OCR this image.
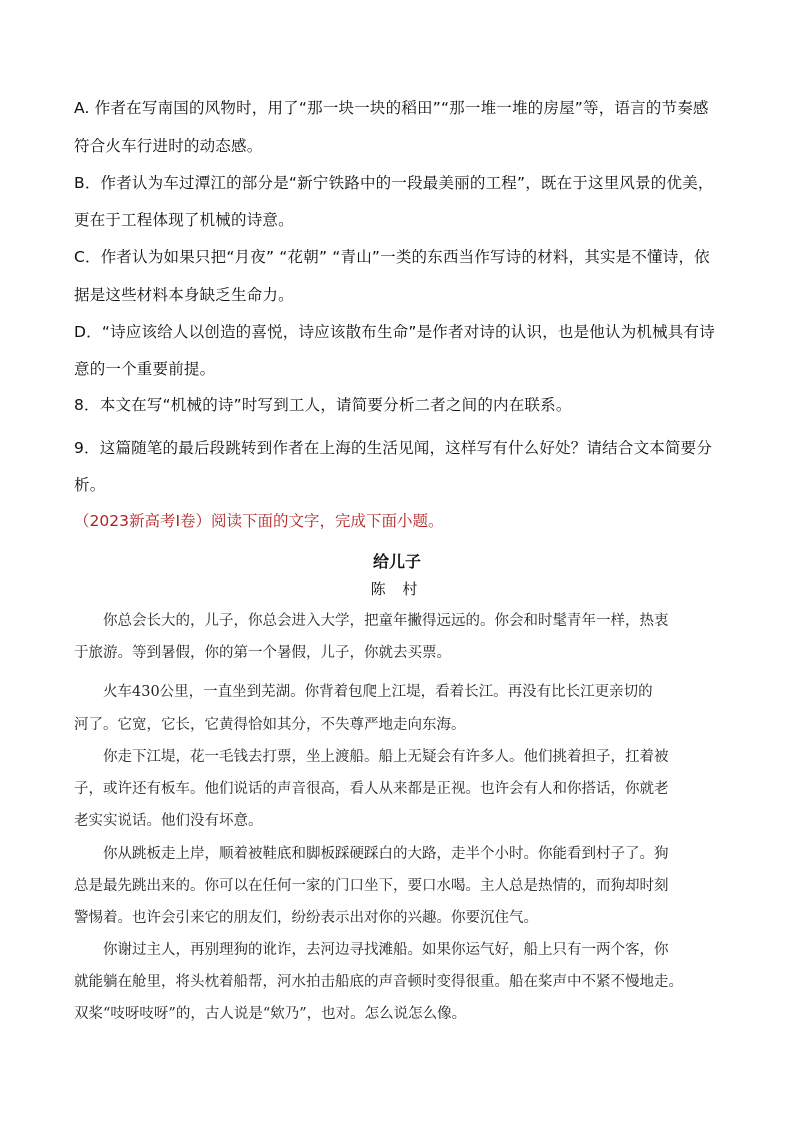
A. 作者在写南国的风物时，用了“那一块一块的稻田”“那一堆一堆的房屋”等，语言的节奏感
符合火车行进时的动态感。
B．作者认为车过潭江的部分是“新宁铁路中的一段最美丽的工程”，既在于这里风景的优美，
更在于工程体现了机械的诗意。
C．作者认为如果只把“月夜” “花朝” “青山”一类的东西当作写诗的材料，其实是不懂诗，依
据是这些材料本身缺乏生命力。
D．“诗应该给人以创造的喜悦，诗应该散布生命”是作者对诗的认识，也是他认为机械具有诗
意的一个重要前提。
8．本文在写“机械的诗”时写到工人，请简要分析二者之间的内在联系。
9．这篇随笔的最后段跳转到作者在上海的生活见闻，这样写有什么好处？请结合文本简要分
析。
（2023新高考Ⅰ卷）阅读下面的文字，完成下面小题。
给儿子
陈 村
　　你总会长大的，儿子，你总会进入大学，把童年撇得远远的。你会和时髦青年一样，热衷
于旅游。等到暑假，你的第一个暑假，儿子，你就去买票。
　　火车430公里，一直坐到芜湖。你背着包爬上江堤，看着长江。再没有比长江更亲切的
河了。它宽，它长，它黄得恰如其分，不失尊严地走向东海。
　　你走下江堤，花一毛钱去打票，坐上渡船。船上无疑会有许多人。他们挑着担子，扛着被
子，或许还有板车。他们说话的声音很高，看人从来都是正视。也许会有人和你搭话，你就老
老实实说话。他们没有坏意。
　　你从跳板走上岸，顺着被鞋底和脚板踩硬踩白的大路，走半个小时。你能看到村子了。狗
总是最先跳出来的。你可以在任何一家的门口坐下，要口水喝。主人总是热情的，而狗却时刻
警惕着。也许会引来它的朋友们，纷纷表示出对你的兴趣。你要沉住气。
　　你谢过主人，再别理狗的讹诈，去河边寻找滩船。如果你运气好，船上只有一两个客，你
就能躺在舱里，将头枕着船帮，河水拍击船底的声音顿时变得很重。船在桨声中不紧不慢地走。
双桨“吱呀吱呀”的，古人说是“欸乃”，也对。怎么说怎么像。
